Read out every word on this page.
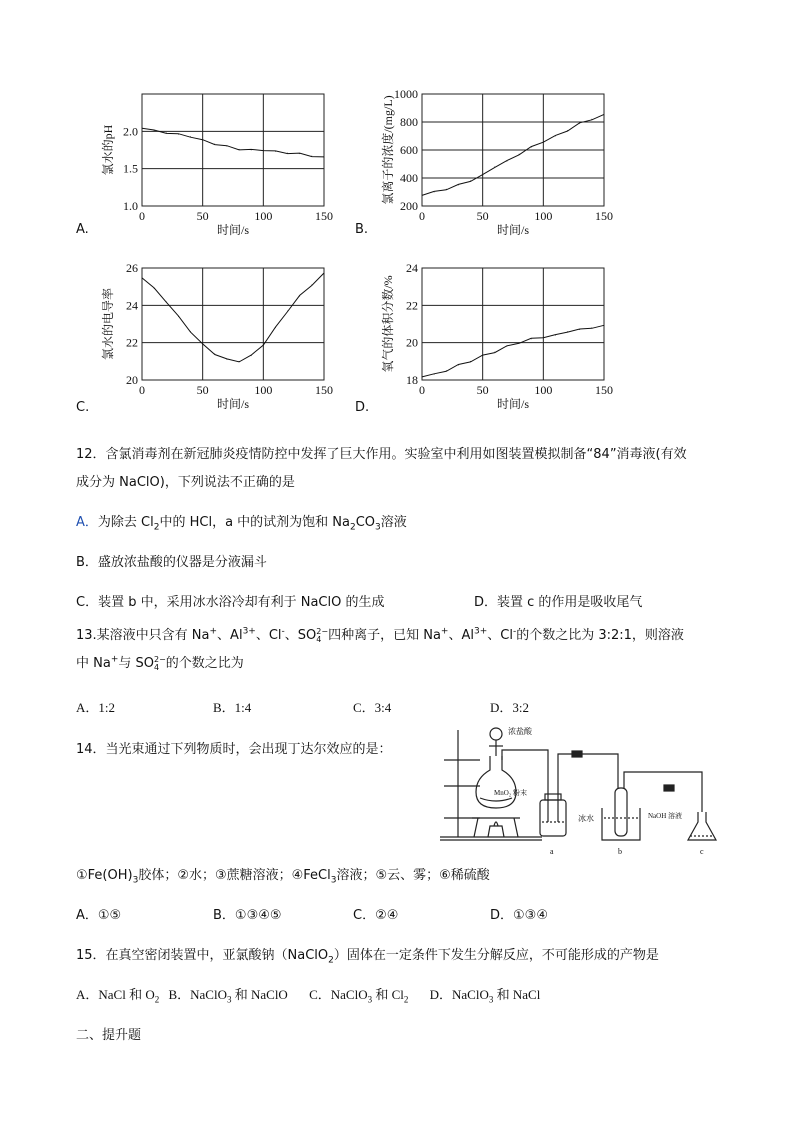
0	50	100	150
1.0
1.5
2.0
时间/s
氯水的pH
0	50	100	150
200
400
600
800
1000
时间/s
氯离子的浓度/(mg/L)
0	50	100	150
20
22
24
26
时间/s
氯水的电导率
0	50	100	150
18
20
22
24
时间/s
氧气的体积分数/%
A.	B.
C.	D.
12．含氯消毒剂在新冠肺炎疫情防控中发挥了巨大作用。实验室中利用如图装置模拟制备“84”消毒液(有效
成分为 NaClO)，下列说法不正确的是
A．为除去 $Cl_2$中的 HCl，a 中的试剂为饱和 $Na_2CO_3$溶液
B．盛放浓盐酸的仪器是分液漏斗
C．装置 b 中，采用冰水浴冷却有利于 NaClO 的生成	D．装置 c 的作用是吸收尾气
13.某溶液中只含有 Na+、$Al^{3+}$、Cl-、SO 2−
4 四种离子，已知 Na+、$Al^{3+}$、Cl-的个数之比为 3:2:1，则溶液
中 Na+与 SO 2−
4 的个数之比为
A．1:2	B．1:4	C．3:4	D．3:2
14．当光束通过下列物质时，会出现丁达尔效应的是：
浓盐酸
MnO₂ 粉末
冰水	NaOH 溶液
a	b	c
$①Fe(OH)_3$胶体；②水；③蔗糖溶液；④FeCl$_3$溶液；⑤云、雾；⑥稀硫酸
A．①⑤	B．①③④⑤	C．②④	D．①③④
15．在真空密闭装置中，亚氯酸钠（NaClO$_2$）固体在一定条件下发生分解反应，不可能形成的产物是
A．NaCl 和 $O_2$ B．NaClO$_3$ 和 NaClO C．NaClO$_3$ 和 $Cl_2$ D．NaClO$_3$ 和 NaCl
二、提升题
